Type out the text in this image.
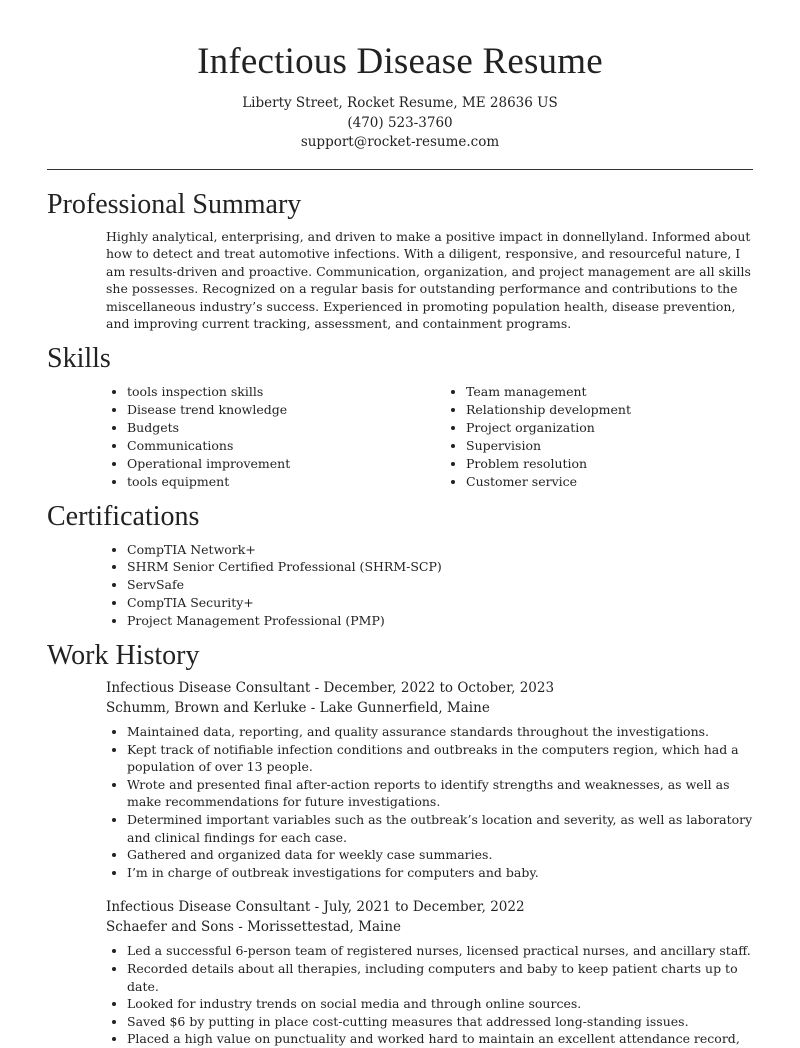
Infectious Disease Resume
Liberty Street, Rocket Resume, ME 28636 US
(470) 523-3760
support@rocket-resume.com
Professional Summary

Highly analytical, enterprising, and driven to make a positive impact in donnellyland. Informed about how to detect and treat automotive infections. With a diligent, responsive, and resourceful nature, I am results-driven and proactive. Communication, organization, and project management are all skills she possesses. Recognized on a regular basis for outstanding performance and contributions to the miscellaneous industry’s success. Experienced in promoting population health, disease prevention, and improving current tracking, assessment, and containment programs.

Skills
• tools inspection skills
• Disease trend knowledge
• Budgets
• Communications
• Operational improvement
• tools equipment
• Team management
• Relationship development
• Project organization
• Supervision
• Problem resolution
• Customer service
Certifications
• CompTIA Network+
• SHRM Senior Certified Professional (SHRM-SCP)
• ServSafe
• CompTIA Security+
• Project Management Professional (PMP)
Work History
Infectious Disease Consultant - December, 2022 to October, 2023
Schumm, Brown and Kerluke - Lake Gunnerfield, Maine
• Maintained data, reporting, and quality assurance standards throughout the investigations.
• Kept track of notifiable infection conditions and outbreaks in the computers region, which had a population of over 13 people.
• Wrote and presented final after-action reports to identify strengths and weaknesses, as well as make recommendations for future investigations.
• Determined important variables such as the outbreak’s location and severity, as well as laboratory and clinical findings for each case.
• Gathered and organized data for weekly case summaries.
• I’m in charge of outbreak investigations for computers and baby.
Infectious Disease Consultant - July, 2021 to December, 2022
Schaefer and Sons - Morissettestad, Maine
• Led a successful 6-person team of registered nurses, licensed practical nurses, and ancillary staff.
• Recorded details about all therapies, including computers and baby to keep patient charts up to date.
• Looked for industry trends on social media and through online sources.
• Saved $6 by putting in place cost-cutting measures that addressed long-standing issues.
• Placed a high value on punctuality and worked hard to maintain an excellent attendance record,
